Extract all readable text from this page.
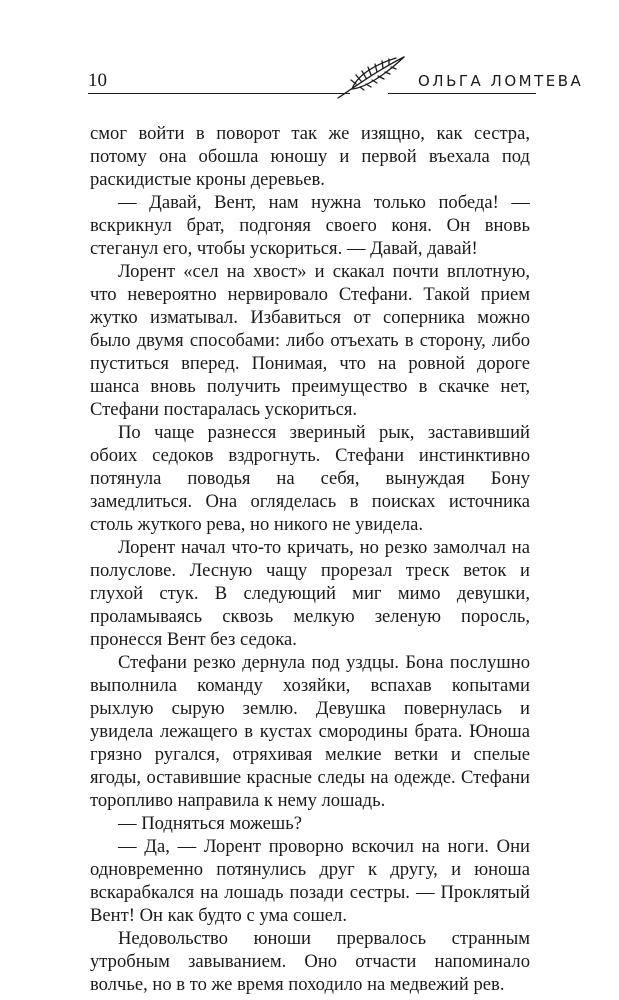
10	ОЛЬГА ЛОМТЕВА

смог войти в поворот так же изящно, как сестра, потому она обошла юношу и первой въехала под раскидистые кроны деревьев.

— Давай, Вент, нам нужна только победа! — вскрикнул брат, подгоняя своего коня. Он вновь стеганул его, чтобы ускориться. — Давай, давай!

Лорент «сел на хвост» и скакал почти вплотную, что невероятно нервировало Стефани. Такой прием жутко изматывал. Избавиться от соперника можно было двумя способами: либо отъехать в сторону, либо пуститься вперед. Понимая, что на ровной дороге шанса вновь получить преимущество в скачке нет, Стефани постаралась ускориться.

По чаще разнесся звериный рык, заставивший обоих седоков вздрогнуть. Стефани инстинктивно потянула поводья на себя, вынуждая Бону замедлиться. Она огляделась в поисках источника столь жуткого рева, но никого не увидела.

Лорент начал что-то кричать, но резко замолчал на полуслове. Лесную чащу прорезал треск веток и глухой стук. В следующий миг мимо девушки, проламываясь сквозь мелкую зеленую поросль, пронесся Вент без седока.

Стефани резко дернула под уздцы. Бона послушно выполнила команду хозяйки, вспахав копытами рыхлую сырую землю. Девушка повернулась и увидела лежащего в кустах смородины брата. Юноша грязно ругался, отряхивая мелкие ветки и спелые ягоды, оставившие красные следы на одежде. Стефани торопливо направила к нему лошадь.

— Подняться можешь?

— Да, — Лорент проворно вскочил на ноги. Они одновременно потянулись друг к другу, и юноша вскарабкался на лошадь позади сестры. — Проклятый Вент! Он как будто с ума сошел.

Недовольство юноши прервалось странным утробным завыванием. Оно отчасти напоминало волчье, но в то же время походило на медвежий рев.
